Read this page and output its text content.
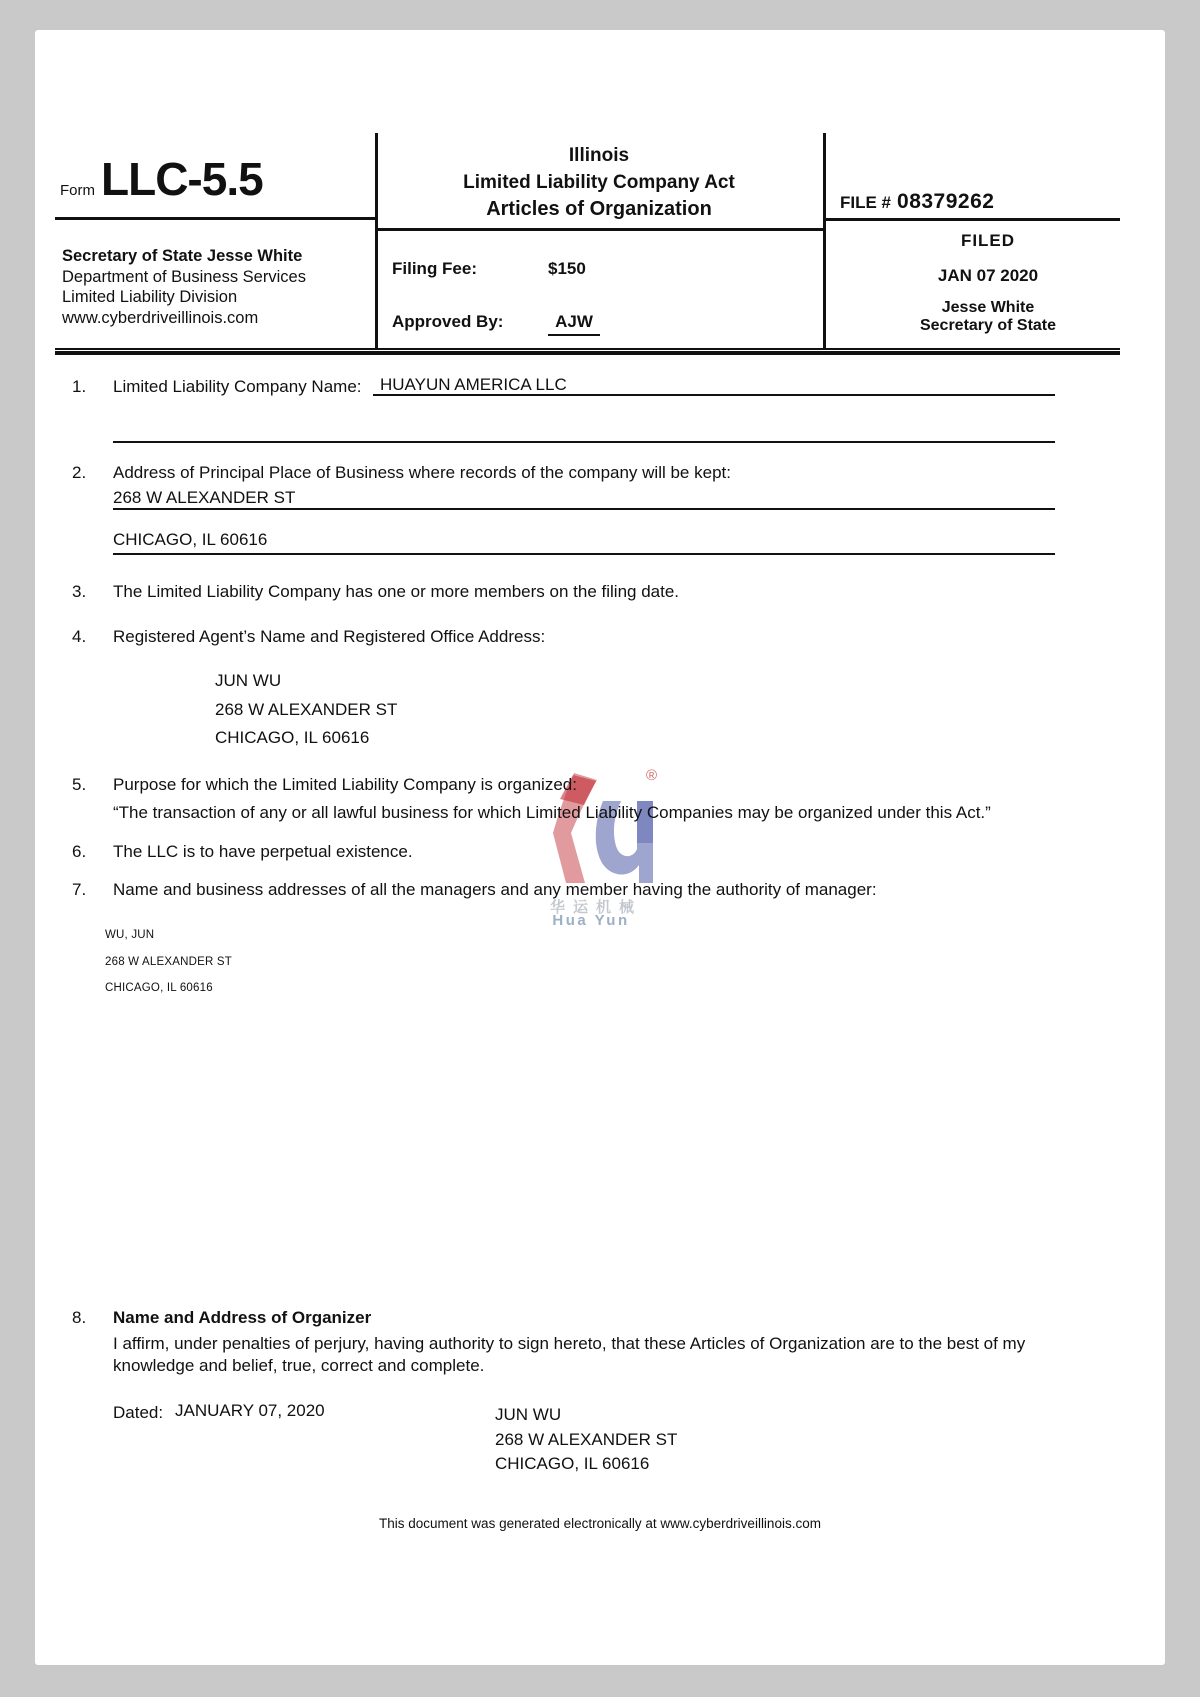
®
华运机械
Hua Yun
Form LLC-5.5
Secretary of State Jesse White
Department of Business Services
Limited Liability Division
www.cyberdriveillinois.com
Illinois
Limited Liability Company Act
Articles of Organization
Filing Fee:	$150
Approved By:	AJW
FILE # 08379262
FILED
JAN 07 2020
Jesse White
Secretary of State
1. Limited Liability Company Name: HUAYUN AMERICA LLC
2. Address of Principal Place of Business where records of the company will be kept:
268 W ALEXANDER ST
CHICAGO, IL 60616
3. The Limited Liability Company has one or more members on the filing date.
4. Registered Agent’s Name and Registered Office Address:
JUN WU
268 W ALEXANDER ST
CHICAGO, IL 60616
5. Purpose for which the Limited Liability Company is organized:
“The transaction of any or all lawful business for which Limited Liability Companies may be organized under this Act.”
6. The LLC is to have perpetual existence.
7. Name and business addresses of all the managers and any member having the authority of manager:
WU, JUN
268 W ALEXANDER ST
CHICAGO, IL 60616
8. Name and Address of Organizer
I affirm, under penalties of perjury, having authority to sign hereto, that these Articles of Organization are to the best of my knowledge and belief, true, correct and complete.
Dated: JANUARY 07, 2020	JUN WU
268 W ALEXANDER ST
CHICAGO, IL 60616
This document was generated electronically at www.cyberdriveillinois.com
